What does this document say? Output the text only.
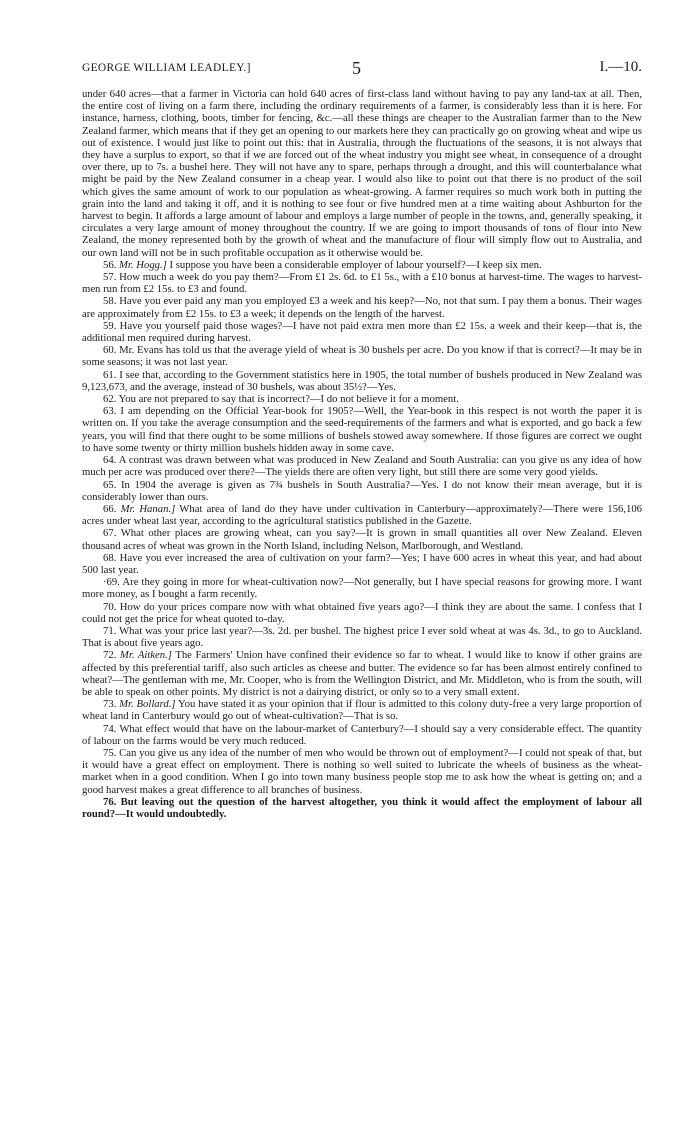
GEORGE WILLIAM LEADLEY.]	5	I.—10.

under 640 acres—that a farmer in Victoria can hold 640 acres of first-class land without having to pay any land-tax at all. Then, the entire cost of living on a farm there, including the ordinary requirements of a farmer, is considerably less than it is here. For instance, harness, clothing, boots, timber for fencing, &c.—all these things are cheaper to the Australian farmer than to the New Zealand farmer, which means that if they get an opening to our markets here they can practically go on growing wheat and wipe us out of existence. I would just like to point out this: that in Australia, through the fluctuations of the seasons, it is not always that they have a surplus to export, so that if we are forced out of the wheat industry you might see wheat, in consequence of a drought over there, up to 7s. a bushel here. They will not have any to spare, perhaps through a drought, and this will counterbalance what might be paid by the New Zealand consumer in a cheap year. I would also like to point out that there is no product of the soil which gives the same amount of work to our population as wheat-growing. A farmer requires so much work both in putting the grain into the land and taking it off, and it is nothing to see four or five hundred men at a time waiting about Ashburton for the harvest to begin. It affords a large amount of labour and employs a large number of people in the towns, and, generally speaking, it circulates a very large amount of money throughout the country. If we are going to import thousands of tons of flour into New Zealand, the money represented both by the growth of wheat and the manufacture of flour will simply flow out to Australia, and our own land will not be in such profitable occupation as it otherwise would be.

56. Mr. Hogg.] I suppose you have been a considerable employer of labour yourself?—I keep six men.

57. How much a week do you pay them?—From £1 2s. 6d. to £1 5s., with a £10 bonus at harvest-time. The wages to harvest-men run from £2 15s. to £3 and found.

58. Have you ever paid any man you employed £3 a week and his keep?—No, not that sum. I pay them a bonus. Their wages are approximately from £2 15s. to £3 a week; it depends on the length of the harvest.

59. Have you yourself paid those wages?—I have not paid extra men more than £2 15s. a week and their keep—that is, the additional men required during harvest.

60. Mr. Evans has told us that the average yield of wheat is 30 bushels per acre. Do you know if that is correct?—It may be in some seasons; it was not last year.

61. I see that, according to the Government statistics here in 1905, the total number of bushels produced in New Zealand was 9,123,673, and the average, instead of 30 bushels, was about 35½?—Yes.

62. You are not prepared to say that is incorrect?—I do not believe it for a moment.

63. I am depending on the Official Year-book for 1905?—Well, the Year-book in this respect is not worth the paper it is written on. If you take the average consumption and the seed-requirements of the farmers and what is exported, and go back a few years, you will find that there ought to be some millions of bushels stowed away somewhere. If those figures are correct we ought to have some twenty or thirty million bushels hidden away in some cave.

64. A contrast was drawn between what was produced in New Zealand and South Australia: can you give us any idea of how much per acre was produced over there?—The yields there are often very light, but still there are some very good yields.

65. In 1904 the average is given as 7¾ bushels in South Australia?—Yes. I do not know their mean average, but it is considerably lower than ours.

66. Mr. Hanan.] What area of land do they have under cultivation in Canterbury—approximately?—There were 156,106 acres under wheat last year, according to the agricultural statistics published in the Gazette.

67. What other places are growing wheat, can you say?—It is grown in small quantities all over New Zealand. Eleven thousand acres of wheat was grown in the North Island, including Nelson, Marlborough, and Westland.

68. Have you ever increased the area of cultivation on your farm?—Yes; I have 600 acres in wheat this year, and had about 500 last year.

·69. Are they going in more for wheat-cultivation now?—Not generally, but I have special reasons for growing more. I want more money, as I bought a farm recently.

70. How do your prices compare now with what obtained five years ago?—I think they are about the same. I confess that I could not get the price for wheat quoted to-day.

71. What was your price last year?—3s. 2d. per bushel. The highest price I ever sold wheat at was 4s. 3d., to go to Auckland. That is about five years ago.

72. Mr. Aitken.] The Farmers' Union have confined their evidence so far to wheat. I would like to know if other grains are affected by this preferential tariff, also such articles as cheese and butter. The evidence so far has been almost entirely confined to wheat?—The gentleman with me, Mr. Cooper, who is from the Wellington District, and Mr. Middleton, who is from the south, will be able to speak on other points. My district is not a dairying district, or only so to a very small extent.

73. Mr. Bollard.] You have stated it as your opinion that if flour is admitted to this colony duty-free a very large proportion of wheat land in Canterbury would go out of wheat-cultivation?—That is so.

74. What effect would that have on the labour-market of Canterbury?—I should say a very considerable effect. The quantity of labour on the farms would be very much reduced.

75. Can you give us any idea of the number of men who would be thrown out of employment?—I could not speak of that, but it would have a great effect on employment. There is nothing so well suited to lubricate the wheels of business as the wheat-market when in a good condition. When I go into town many business people stop me to ask how the wheat is getting on; and a good harvest makes a great difference to all branches of business.

76. But leaving out the question of the harvest altogether, you think it would affect the employment of labour all round?—It would undoubtedly.
